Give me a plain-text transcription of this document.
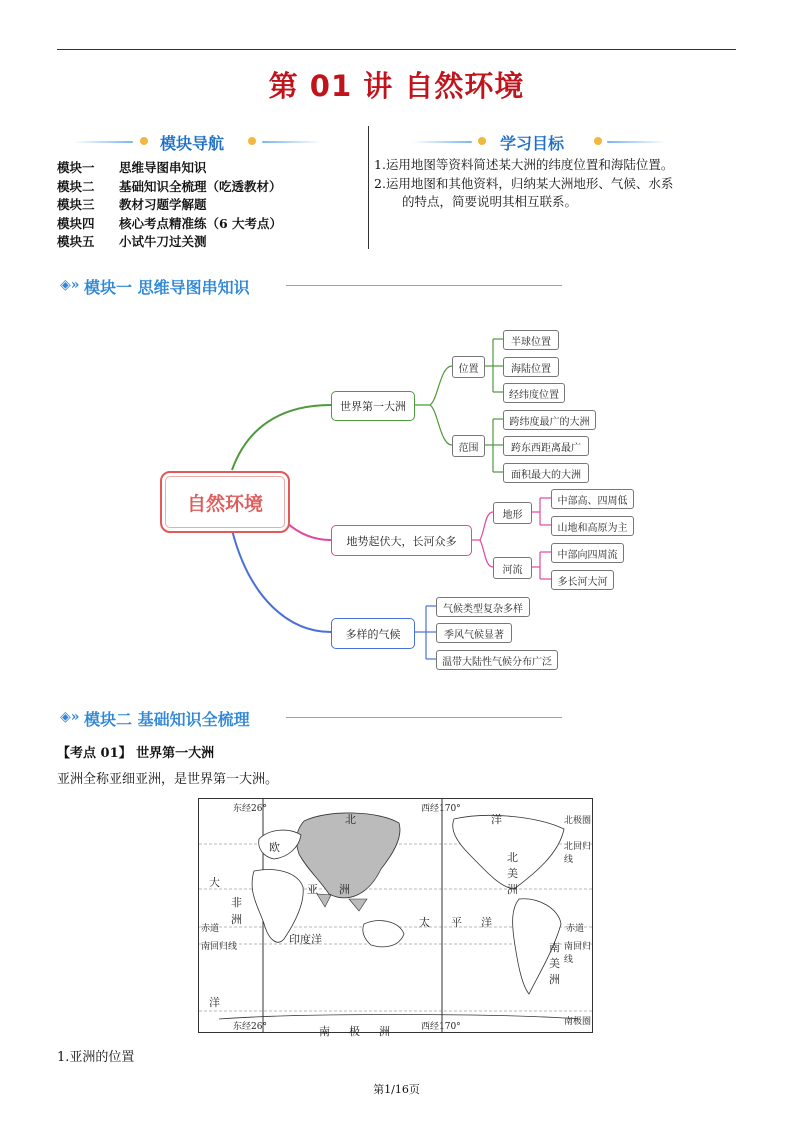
第 01 讲 自然环境
模块导航
模块一 思维导图串知识
模块二 基础知识全梳理（吃透教材）
模块三 教材习题学解题
模块四 核心考点精准练（6 大考点）
模块五 小试牛刀过关测
学习目标
1.运用地图等资料简述某大洲的纬度位置和海陆位置。
2.运用地图和其他资料，归纳某大洲地形、气候、水系
的特点，简要说明其相互联系。
◈» 模块一 思维导图串知识
自然环境
世界第一大洲
位置
半球位置
海陆位置
经纬度位置
范围
跨纬度最广的大洲
跨东西距离最广
面积最大的大洲
地势起伏大，长河众多
地形
中部高、四周低
山地和高原为主
河流
中部向四周流
多长河大河
多样的气候
气候类型复杂多样
季风气候显著
温带大陆性气候分布广泛
◈» 模块二 基础知识全梳理
【考点 01】 世界第一大洲
亚洲全称亚细亚洲，是世界第一大洲。
东经26°	西经170°
东经26°	西经170°
北极圈
北回归线
赤道
南回归线
南极圈
赤道
南回归线
北	洋
亚 洲
欧
非
洲
大
印度洋
太 平 洋
北
美
洲
南
美
洲
洋
南 极 洲
1.亚洲的位置
第1/16页
